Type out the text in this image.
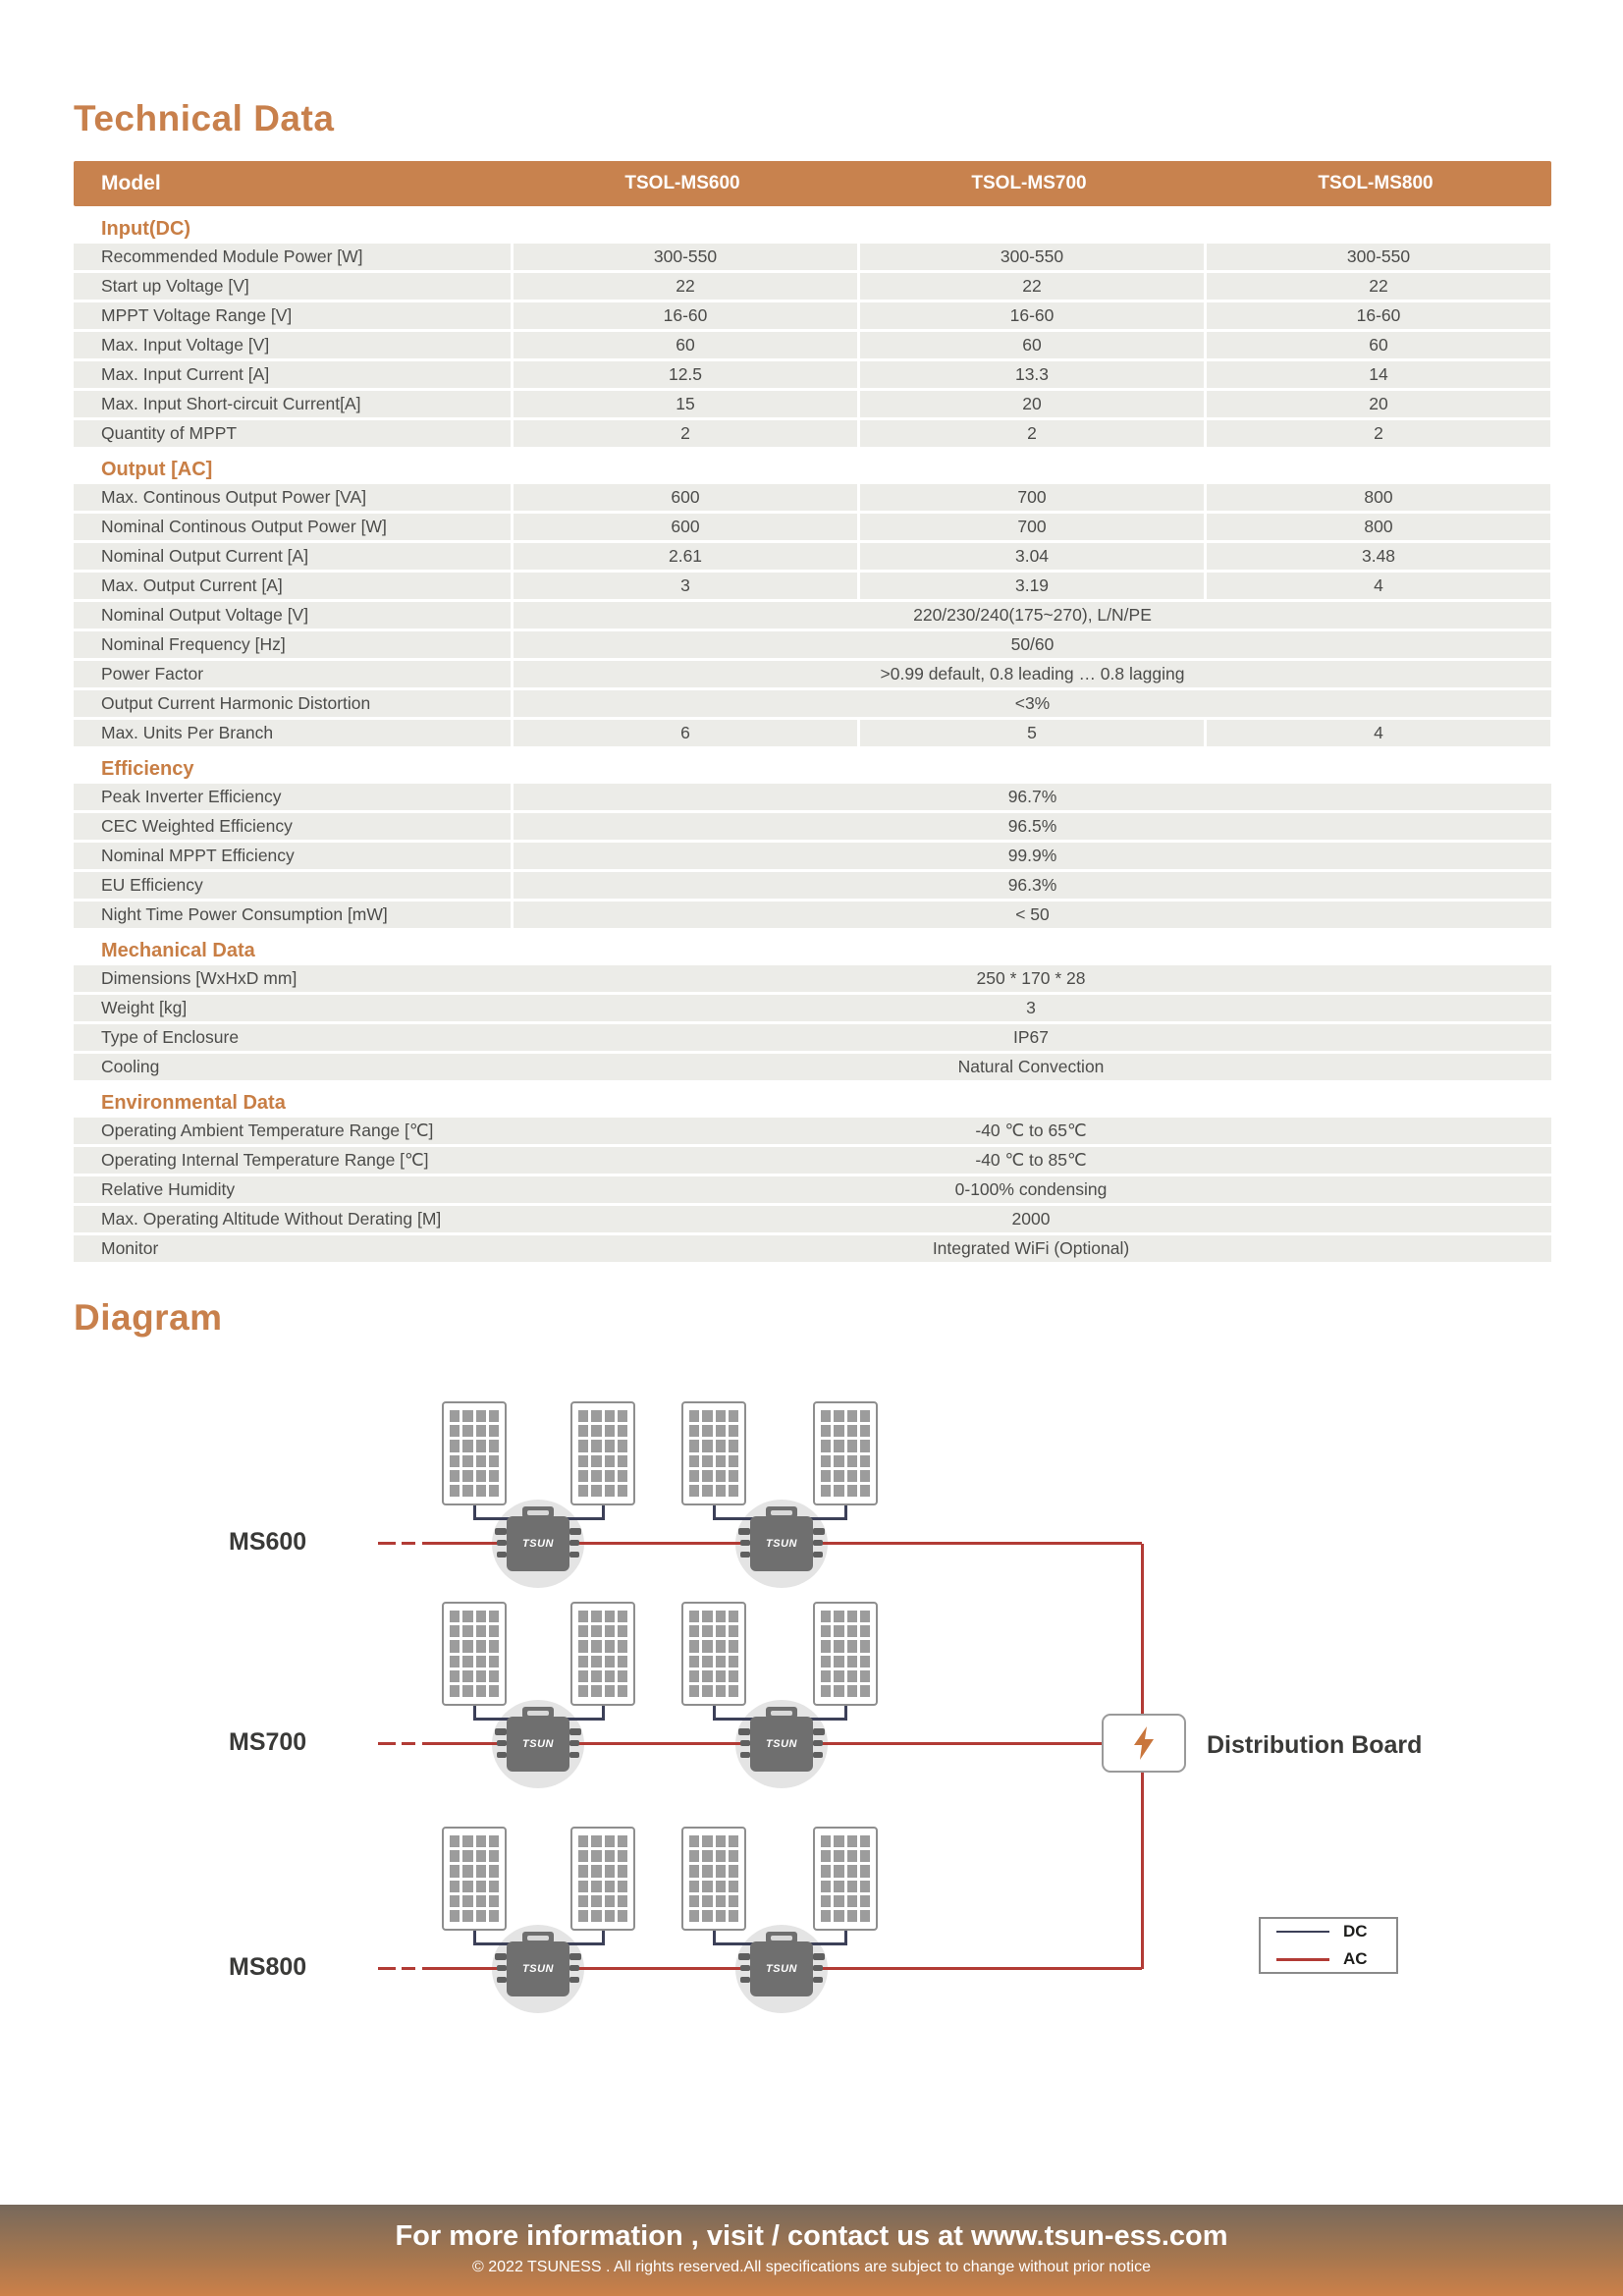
Technical Data
Model	TSOL-MS600	TSOL-MS700	TSOL-MS800
Input(DC)
Recommended Module Power [W]	300-550	300-550	300-550
Start up Voltage [V]	22	22	22
MPPT Voltage Range [V]	16-60	16-60	16-60
Max. Input Voltage [V]	60	60	60
Max. Input Current [A]	12.5	13.3	14
Max. Input Short-circuit Current[A]	15	20	20
Quantity of MPPT	2	2	2
Output [AC]
Max. Continous Output Power [VA]	600	700	800
Nominal Continous Output Power [W]	600	700	800
Nominal Output Current [A]	2.61	3.04	3.48
Max. Output Current [A]	3	3.19	4
Nominal Output Voltage [V]	220/230/240(175~270), L/N/PE
Nominal Frequency [Hz]	50/60
Power Factor	>0.99 default, 0.8 leading … 0.8 lagging
Output Current Harmonic Distortion	<3%
Max. Units Per Branch	6	5	4
Efficiency
Peak Inverter Efficiency	96.7%
CEC Weighted Efficiency	96.5%
Nominal MPPT Efficiency	99.9%
EU Efficiency	96.3%
Night Time Power Consumption [mW]	< 50
Mechanical Data
Dimensions [WxHxD mm]	250 * 170 * 28
Weight [kg]	3
Type of Enclosure	IP67
Cooling	Natural Convection
Environmental Data
Operating Ambient Temperature Range [℃]	-40 ℃ to 65℃
Operating Internal Temperature Range [℃]	-40 ℃ to 85℃
Relative Humidity	0-100% condensing
Max. Operating Altitude Without Derating [M]	2000
Monitor	Integrated WiFi (Optional)
Diagram
MS600	TSUN	TSUN
MS700	TSUN	TSUN
MS800	TSUN	TSUN
Distribution Board
DC
AC
For more information , visit / contact us at www.tsun-ess.com
© 2022 TSUNESS . All rights reserved.All specifications are subject to change without prior notice
